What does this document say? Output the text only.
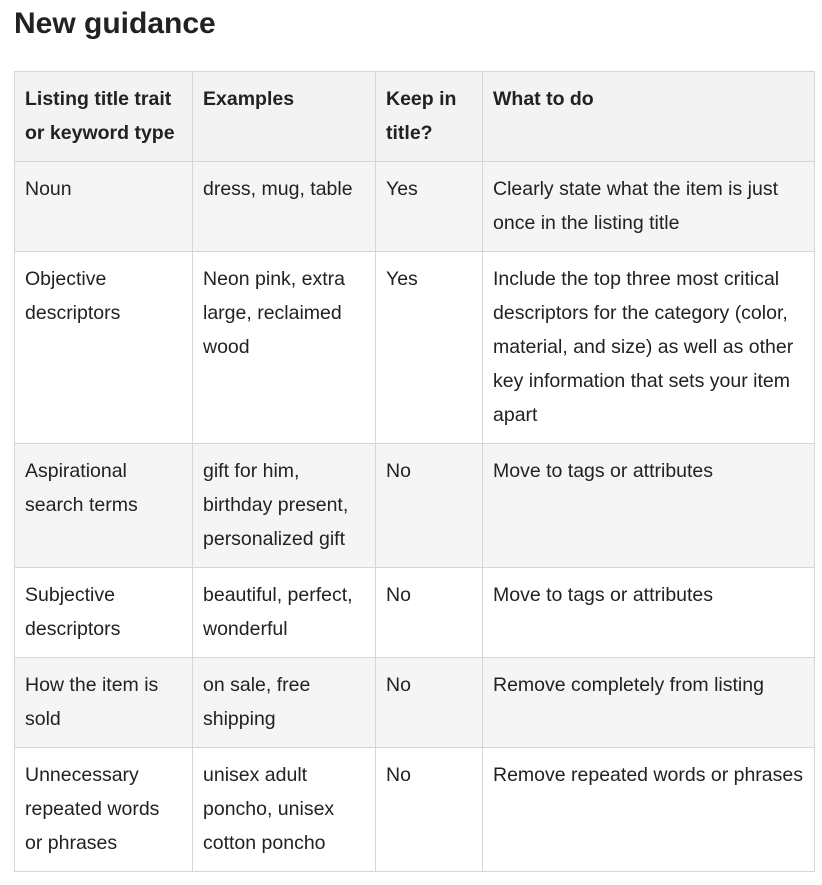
New guidance
Listing title trait or keyword type	Examples	Keep in title?	What to do
Noun	dress, mug, table	Yes	Clearly state what the item is just once in the listing title
Objective descriptors	Neon pink, extra large, reclaimed wood	Yes	Include the top three most critical descriptors for the category (color, material, and size) as well as other key information that sets your item apart
Aspirational search terms	gift for him, birthday present, personalized gift	No	Move to tags or attributes
Subjective descriptors	beautiful, perfect, wonderful	No	Move to tags or attributes
How the item is sold	on sale, free shipping	No	Remove completely from listing
Unnecessary repeated words or phrases	unisex adult poncho, unisex cotton poncho	No	Remove repeated words or phrases
